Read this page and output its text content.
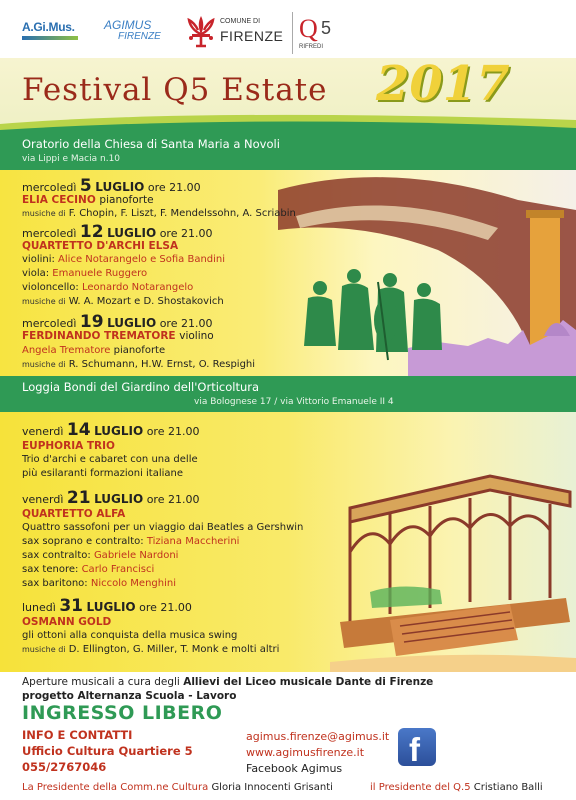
A.Gi.Mus. AGIMUS
FIRENZE
COMUNE DI
FIRENZE Q 5
RIFREDI
Festival Q5 Estate 2017
Oratorio della Chiesa di Santa Maria a Novoli
via Lippi e Macia n.10
mercoledì 5 LUGLIO ore 21.00
ELIA CECINO pianoforte
musiche di F. Chopin, F. Liszt, F. Mendelssohn, A. Scriabin
mercoledì 12 LUGLIO ore 21.00
QUARTETTO D'ARCHI ELSA
violini: Alice Notarangelo e Sofia Bandini
viola: Emanuele Ruggero
violoncello: Leonardo Notarangelo
musiche di W. A. Mozart e D. Shostakovich
mercoledì 19 LUGLIO ore 21.00
FERDINANDO TREMATORE violino
Angela Trematore pianoforte
musiche di R. Schumann, H.W. Ernst, O. Respighi
Loggia Bondi del Giardino dell'Orticoltura
via Bolognese 17 / via Vittorio Emanuele II 4
venerdì 14 LUGLIO ore 21.00
EUPHORIA TRIO
Trio d'archi e cabaret con una delle
più esilaranti formazioni italiane
venerdì 21 LUGLIO ore 21.00
QUARTETTO ALFA
Quattro sassofoni per un viaggio dai Beatles a Gershwin
sax soprano e contralto: Tiziana Maccherini
sax contralto: Gabriele Nardoni
sax tenore: Carlo Francisci
sax baritono: Niccolo Menghini
lunedì 31 LUGLIO ore 21.00
OSMANN GOLD
gli ottoni alla conquista della musica swing
musiche di D. Ellington, G. Miller, T. Monk e molti altri
Aperture musicali a cura degli Allievi del Liceo musicale Dante di Firenze
progetto Alternanza Scuola - Lavoro
INGRESSO LIBERO
INFO E CONTATTI
Ufficio Cultura Quartiere 5
055/2767046
agimus.firenze@agimus.it
www.agimusfirenze.it
Facebook Agimus
f
La Presidente della Comm.ne Cultura Gloria Innocenti Grisanti	il Presidente del Q.5 Cristiano Balli
